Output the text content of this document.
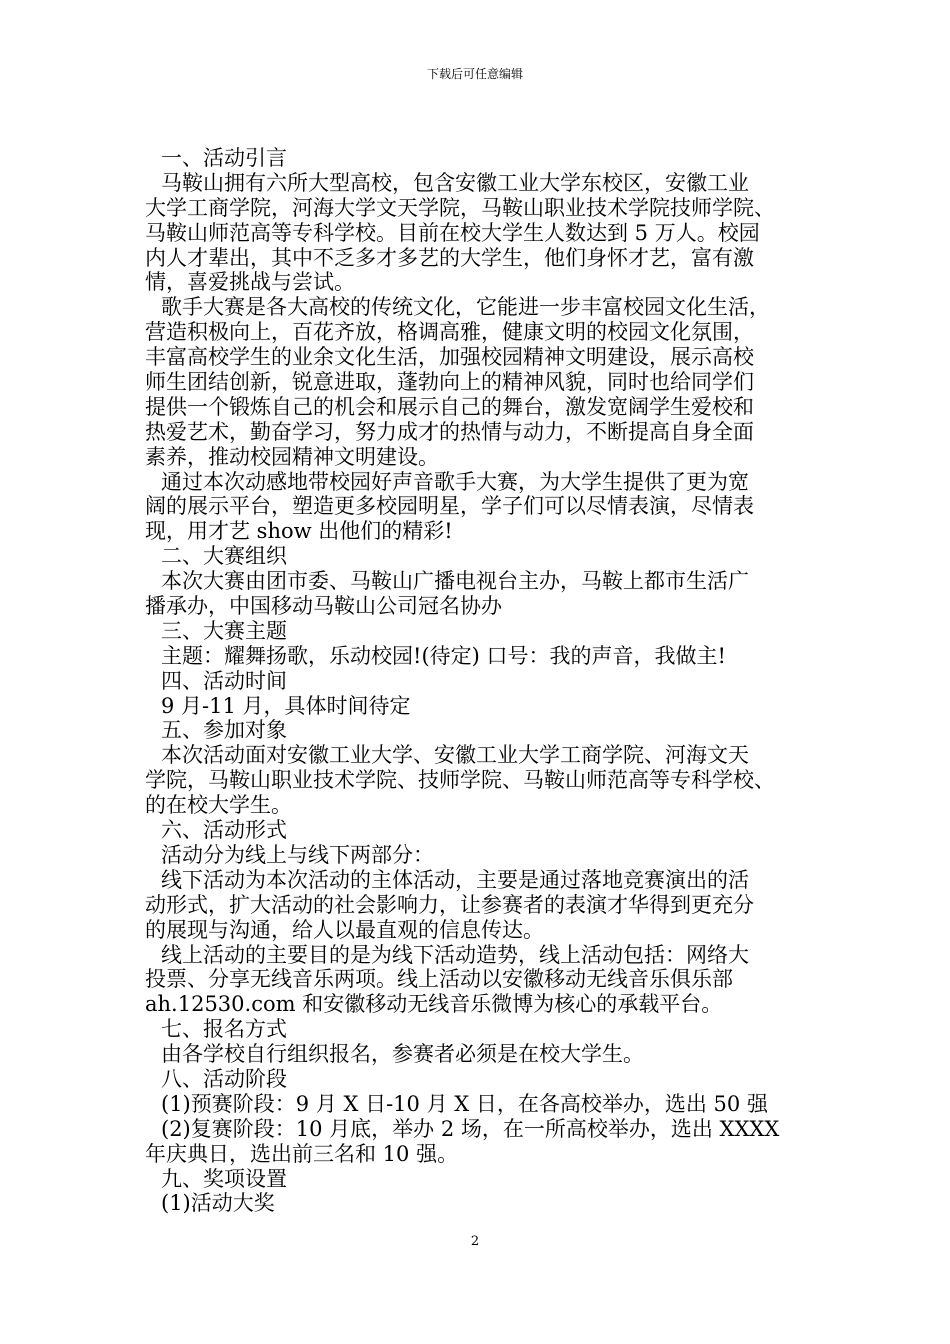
下载后可任意编辑
一、活动引言
马鞍山拥有六所大型高校，包含安徽工业大学东校区，安徽工业
大学工商学院，河海大学文天学院，马鞍山职业技术学院技师学院、
马鞍山师范高等专科学校。目前在校大学生人数达到 5 万人。校园
内人才辈出，其中不乏多才多艺的大学生，他们身怀才艺，富有激
情，喜爱挑战与尝试。
歌手大赛是各大高校的传统文化，它能进一步丰富校园文化生活，
营造积极向上，百花齐放，格调高雅，健康文明的校园文化氛围，
丰富高校学生的业余文化生活，加强校园精神文明建设，展示高校
师生团结创新，锐意进取，蓬勃向上的精神风貌，同时也给同学们
提供一个锻炼自己的机会和展示自己的舞台，激发宽阔学生爱校和
热爱艺术，勤奋学习，努力成才的热情与动力，不断提高自身全面
素养，推动校园精神文明建设。
通过本次动感地带校园好声音歌手大赛，为大学生提供了更为宽
阔的展示平台，塑造更多校园明星，学子们可以尽情表演，尽情表
现，用才艺 show 出他们的精彩!
二、大赛组织
本次大赛由团市委、马鞍山广播电视台主办，马鞍上都市生活广
播承办，中国移动马鞍山公司冠名协办
三、大赛主题
主题：耀舞扬歌，乐动校园!(待定) 口号：我的声音，我做主!
四、活动时间
9 月-11 月，具体时间待定
五、参加对象
本次活动面对安徽工业大学、安徽工业大学工商学院、河海文天
学院，马鞍山职业技术学院、技师学院、马鞍山师范高等专科学校、
的在校大学生。
六、活动形式
活动分为线上与线下两部分：
线下活动为本次活动的主体活动，主要是通过落地竞赛演出的活
动形式，扩大活动的社会影响力，让参赛者的表演才华得到更充分
的展现与沟通，给人以最直观的信息传达。
线上活动的主要目的是为线下活动造势，线上活动包括：网络大
投票、分享无线音乐两项。线上活动以安徽移动无线音乐俱乐部
ah.12530.com 和安徽移动无线音乐微博为核心的承载平台。
七、报名方式
由各学校自行组织报名，参赛者必须是在校大学生。
八、活动阶段
(1)预赛阶段：9 月 X 日-10 月 X 日，在各高校举办，选出 50 强
(2)复赛阶段：10 月底，举办 2 场，在一所高校举办，选出 XXXX
年庆典日，选出前三名和 10 强。
九、奖项设置
(1)活动大奖
2
